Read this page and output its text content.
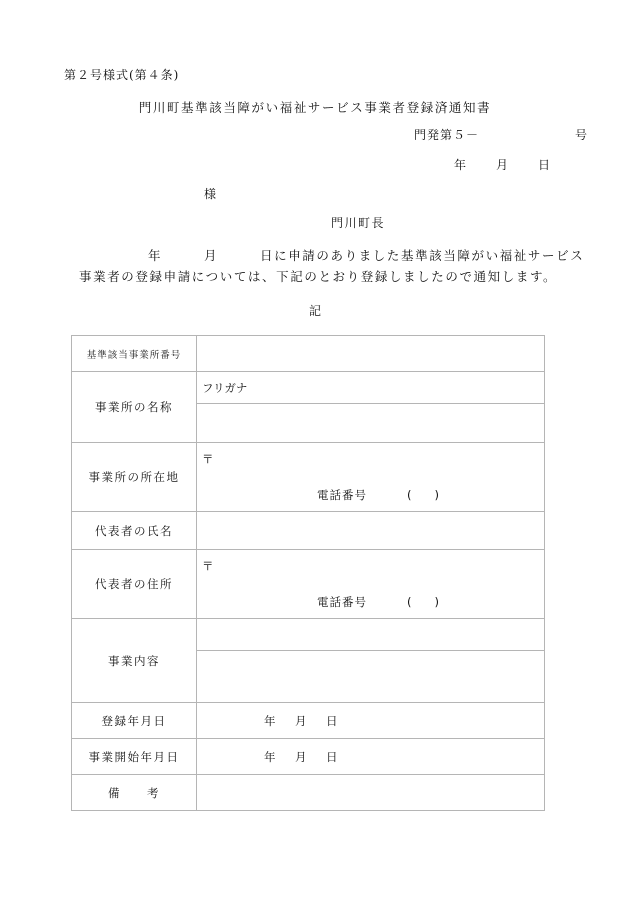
第２号様式(第４条)
門川町基準該当障がい福祉サービス事業者登録済通知書
門発第５－	号
年 月 日
様
門川町長
年	月	日に申請のありました基準該当障がい福祉サービス
事業者の登録申請については、下記のとおり登録しましたので通知します。
記
基準該当事業所番号	
事業所の名称	フリガナ

事業所の所在地	〒
電話番号 (　　)

代表者の氏名	
代表者の住所	〒
電話番号 (　　)

事業内容	

登録年月日	年 月 日

事業開始年月日	年 月 日

備　　考	
